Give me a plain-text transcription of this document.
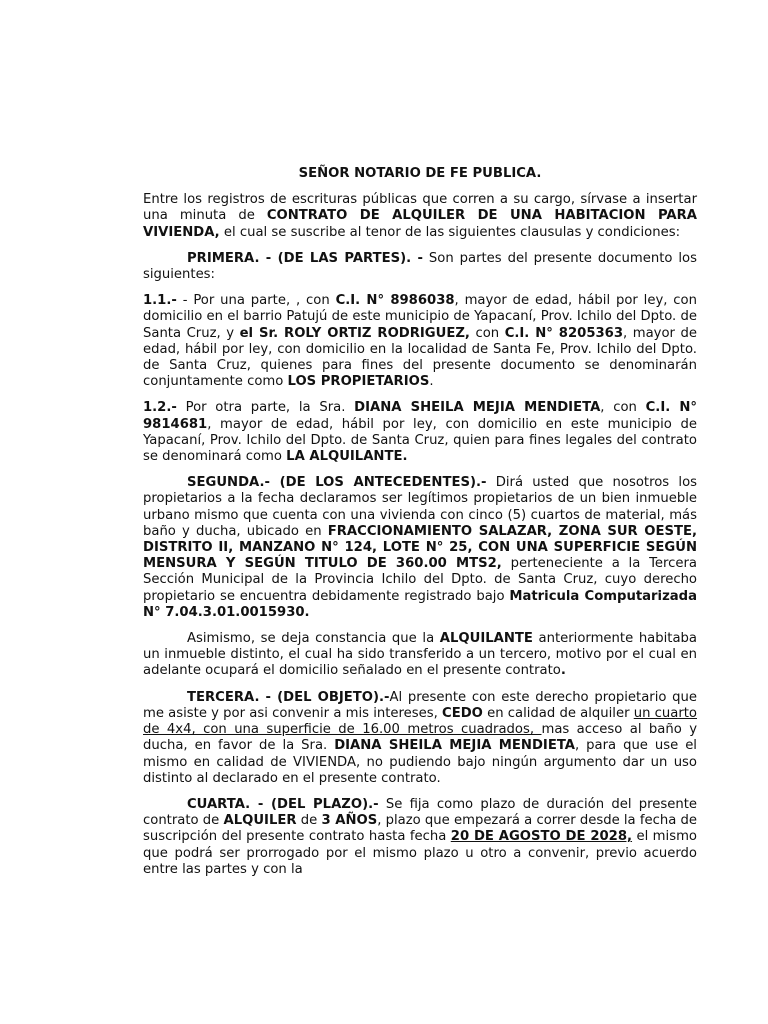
SEÑOR NOTARIO DE FE PUBLICA.

Entre los registros de escrituras públicas que corren a su cargo, sírvase a insertar una minuta de CONTRATO DE ALQUILER DE UNA HABITACION PARA VIVIENDA, el cual se suscribe al tenor de las siguientes clausulas y condiciones:

PRIMERA. - (DE LAS PARTES). - Son partes del presente documento los siguientes:

1.1.- - Por una parte, , con C.I. N° 8986038, mayor de edad, hábil por ley, con domicilio en el barrio Patujú de este municipio de Yapacaní, Prov. Ichilo del Dpto. de Santa Cruz, y el Sr. ROLY ORTIZ RODRIGUEZ, con C.I. N° 8205363, mayor de edad, hábil por ley, con domicilio en la localidad de Santa Fe, Prov. Ichilo del Dpto. de Santa Cruz, quienes para fines del presente documento se denominarán conjuntamente como LOS PROPIETARIOS.

1.2.- Por otra parte, la Sra. DIANA SHEILA MEJIA MENDIETA, con C.I. N° 9814681, mayor de edad, hábil por ley, con domicilio en este municipio de Yapacaní, Prov. Ichilo del Dpto. de Santa Cruz, quien para fines legales del contrato se denominará como LA ALQUILANTE.

SEGUNDA.- (DE LOS ANTECEDENTES).- Dirá usted que nosotros los propietarios a la fecha declaramos ser legítimos propietarios de un bien inmueble urbano mismo que cuenta con una vivienda con cinco (5) cuartos de material, más baño y ducha, ubicado en FRACCIONAMIENTO SALAZAR, ZONA SUR OESTE, DISTRITO II, MANZANO N° 124, LOTE N° 25, CON UNA SUPERFICIE SEGÚN MENSURA Y SEGÚN TITULO DE 360.00 MTS2, perteneciente a la Tercera Sección Municipal de la Provincia Ichilo del Dpto. de Santa Cruz, cuyo derecho propietario se encuentra debidamente registrado bajo Matricula Computarizada N° 7.04.3.01.0015930.

Asimismo, se deja constancia que la ALQUILANTE anteriormente habitaba un inmueble distinto, el cual ha sido transferido a un tercero, motivo por el cual en adelante ocupará el domicilio señalado en el presente contrato.

TERCERA. - (DEL OBJETO).-Al presente con este derecho propietario que me asiste y por asi convenir a mis intereses, CEDO en calidad de alquiler un cuarto de 4x4, con una superficie de 16.00 metros cuadrados, mas acceso al baño y ducha, en favor de la Sra. DIANA SHEILA MEJIA MENDIETA, para que use el mismo en calidad de VIVIENDA, no pudiendo bajo ningún argumento dar un uso distinto al declarado en el presente contrato.

CUARTA. - (DEL PLAZO).- Se fija como plazo de duración del presente contrato de ALQUILER de 3 AÑOS, plazo que empezará a correr desde la fecha de suscripción del presente contrato hasta fecha 20 DE AGOSTO DE 2028, el mismo que podrá ser prorrogado por el mismo plazo u otro a convenir, previo acuerdo entre las partes y con la
